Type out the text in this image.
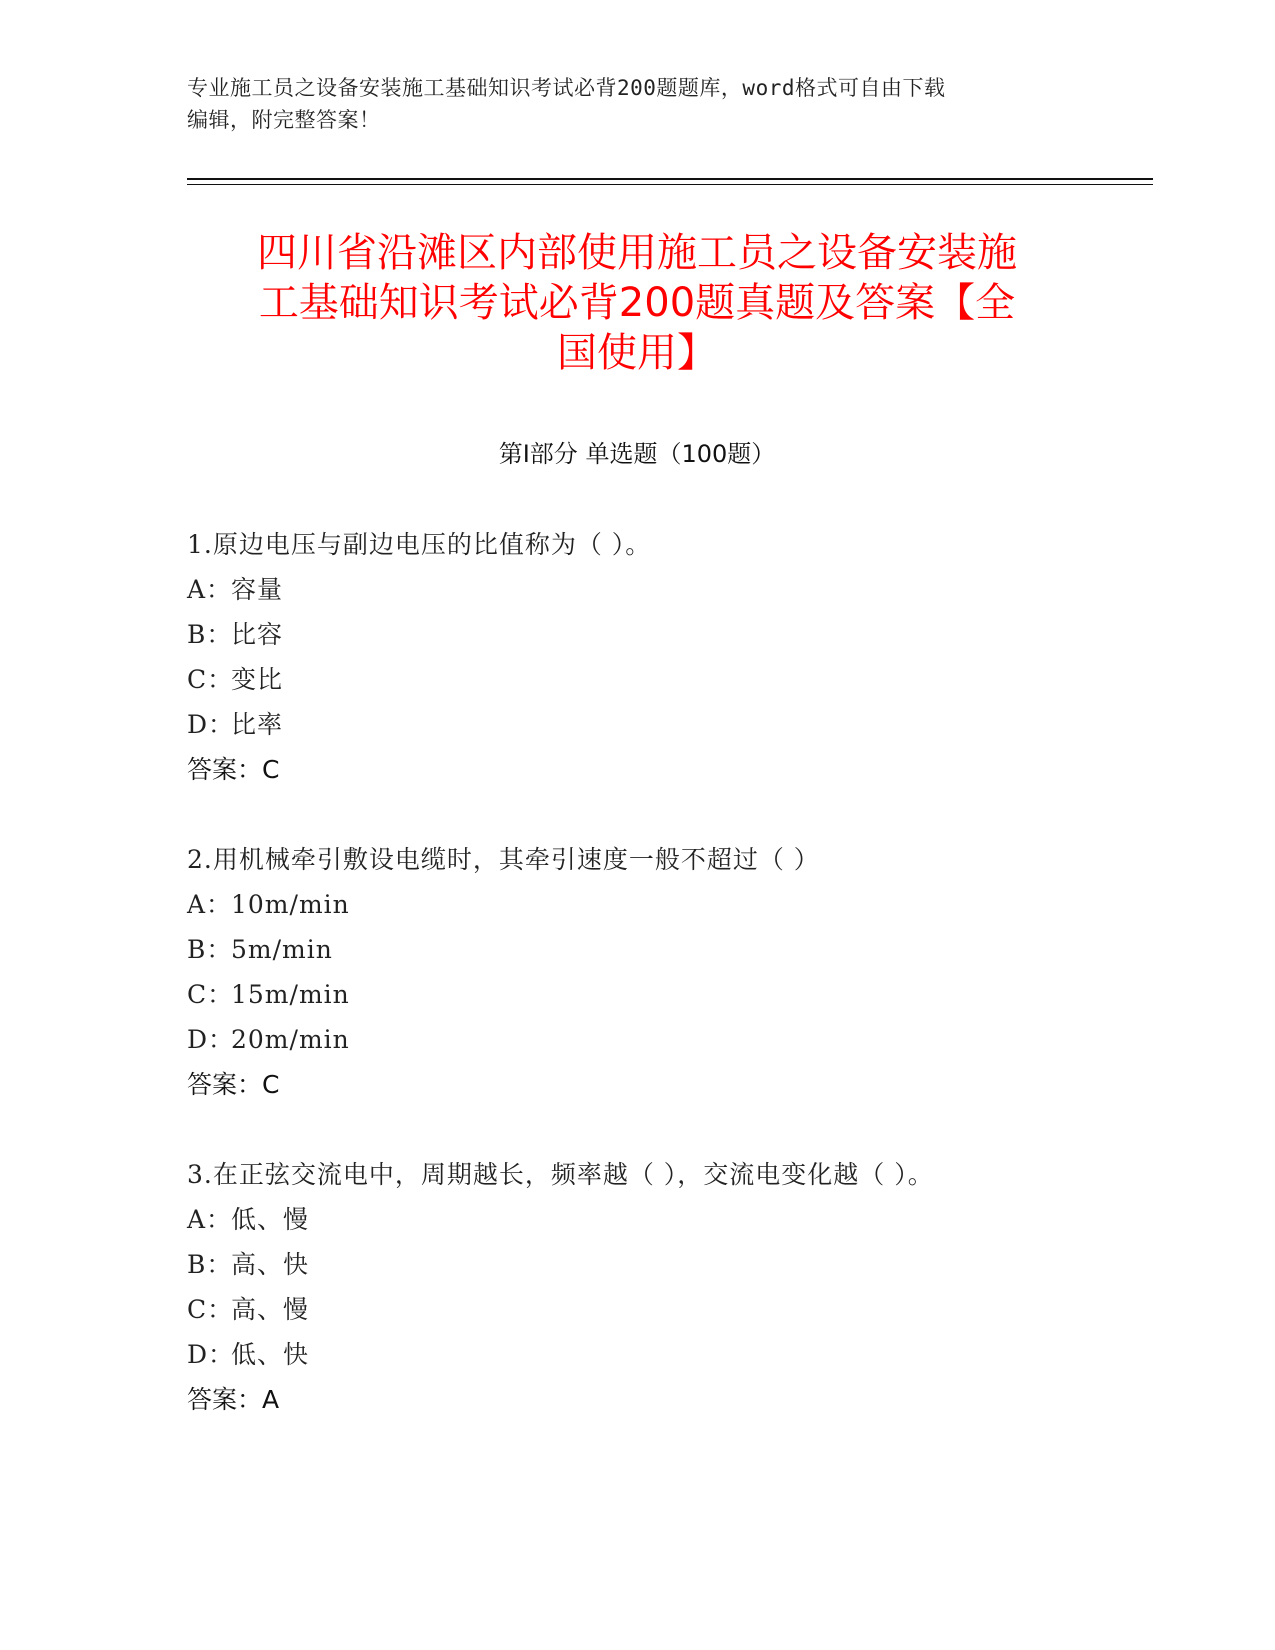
专业施工员之设备安装施工基础知识考试必背200题题库，word格式可自由下载
编辑，附完整答案！
四川省沿滩区内部使用施工员之设备安装施
工基础知识考试必背200题真题及答案【全
国使用】
第Ⅰ部分 单选题（100题）
1.原边电压与副边电压的比值称为（ ）。
A：容量
B：比容
C：变比
D：比率
答案：C
2.用机械牵引敷设电缆时，其牵引速度一般不超过（ ）
A：10m/min
B：5m/min
C：15m/min
D：20m/min
答案：C
3.在正弦交流电中，周期越长，频率越（ ），交流电变化越（ ）。
A：低、慢
B：高、快
C：高、慢
D：低、快
答案：A
